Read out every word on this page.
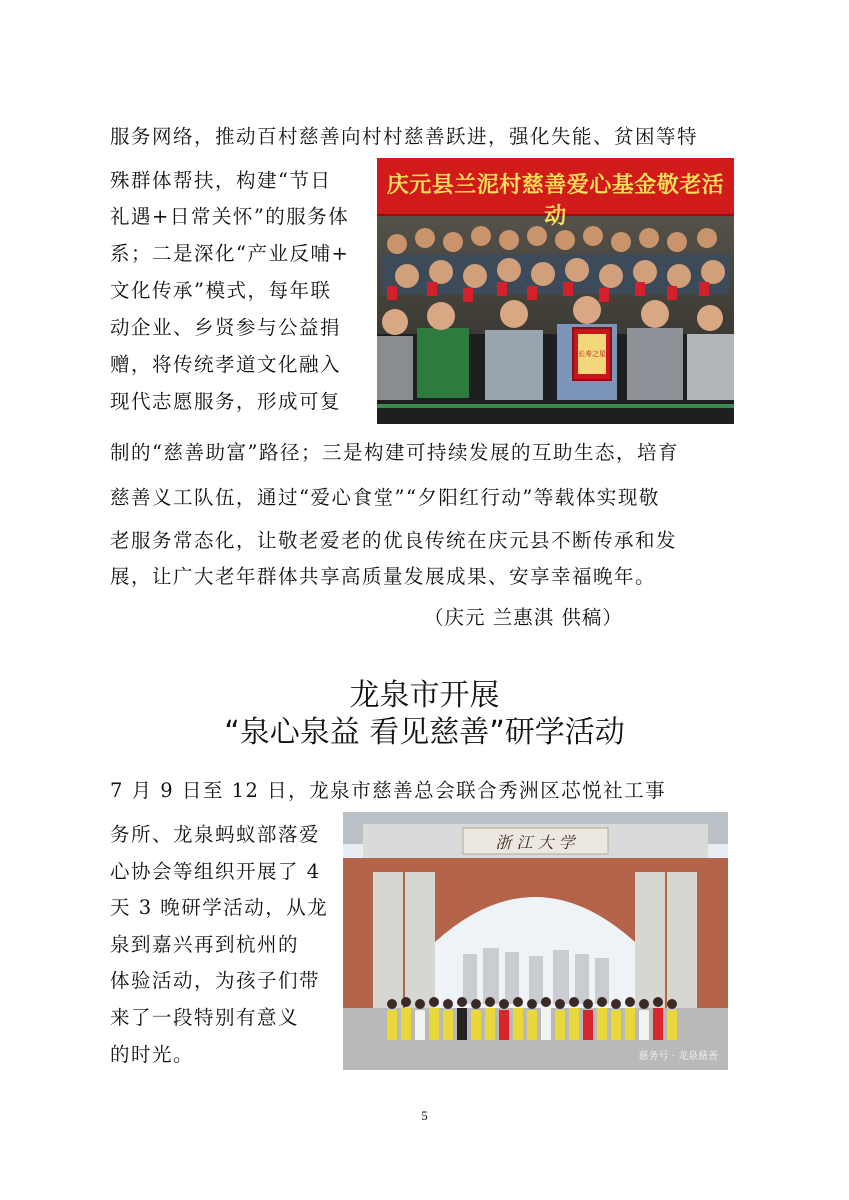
服务网络，推动百村慈善向村村慈善跃进，强化失能、贫困等特
殊群体帮扶，构建“节日
礼遇+日常关怀”的服务体
系；二是深化“产业反哺+
文化传承”模式，每年联
动企业、乡贤参与公益捐
赠，将传统孝道文化融入
现代志愿服务，形成可复
制的“慈善助富”路径；三是构建可持续发展的互助生态，培育
慈善义工队伍，通过“爱心食堂”“夕阳红行动”等载体实现敬
老服务常态化，让敬老爱老的优良传统在庆元县不断传承和发
展，让广大老年群体共享高质量发展成果、安享幸福晚年。
长寿之星
庆元县兰泥村慈善爱心基金敬老活动
（庆元 兰惠淇 供稿）
龙泉市开展
“泉心泉益 看见慈善”研学活动
7 月 9 日至 12 日，龙泉市慈善总会联合秀洲区芯悦社工事
务所、龙泉蚂蚁部落爱
心协会等组织开展了 4
天 3 晚研学活动，从龙
泉到嘉兴再到杭州的
体验活动，为孩子们带
来了一段特别有意义
的时光。
浙 江 大 学
慈务号 · 龙泉慈善
5
